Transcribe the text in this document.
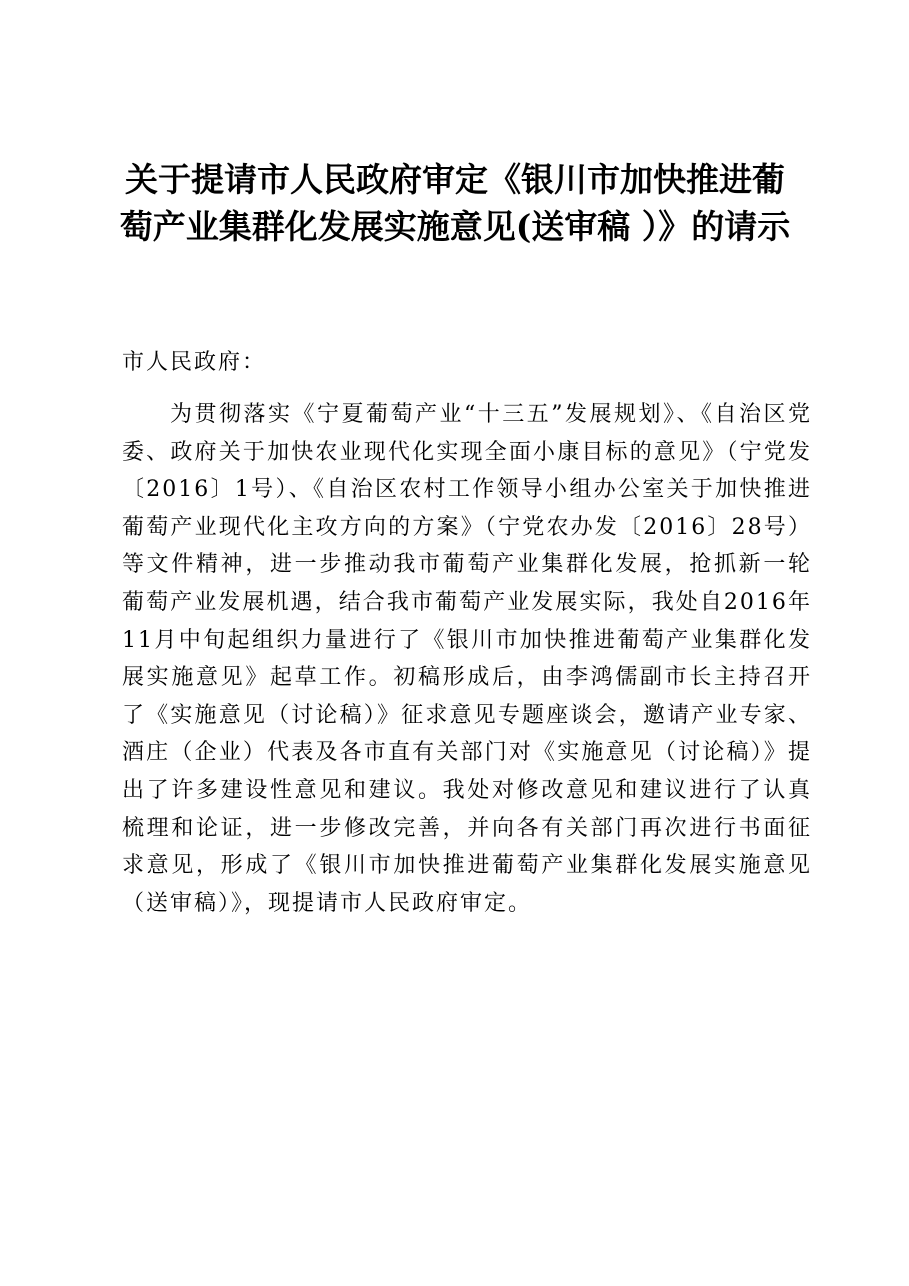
关于提请市人民政府审定《银川市加快推进葡萄产业集群化发展实施意见(送审稿 ）》的请示

市人民政府：

为贯彻落实《宁夏葡萄产业“十三五”发展规划》、《自治区党委、政府关于加快农业现代化实现全面小康目标的意见》（宁党发〔2016〕1号）、《自治区农村工作领导小组办公室关于加快推进葡萄产业现代化主攻方向的方案》（宁党农办发〔2016〕28号）等文件精神，进一步推动我市葡萄产业集群化发展，抢抓新一轮葡萄产业发展机遇，结合我市葡萄产业发展实际，我处自2016年11月中旬起组织力量进行了《银川市加快推进葡萄产业集群化发展实施意见》起草工作。初稿形成后，由李鸿儒副市长主持召开了《实施意见（讨论稿）》征求意见专题座谈会，邀请产业专家、酒庄（企业）代表及各市直有关部门对《实施意见（讨论稿）》提出了许多建设性意见和建议。我处对修改意见和建议进行了认真梳理和论证，进一步修改完善，并向各有关部门再次进行书面征求意见，形成了《银川市加快推进葡萄产业集群化发展实施意见（送审稿）》，现提请市人民政府审定。
